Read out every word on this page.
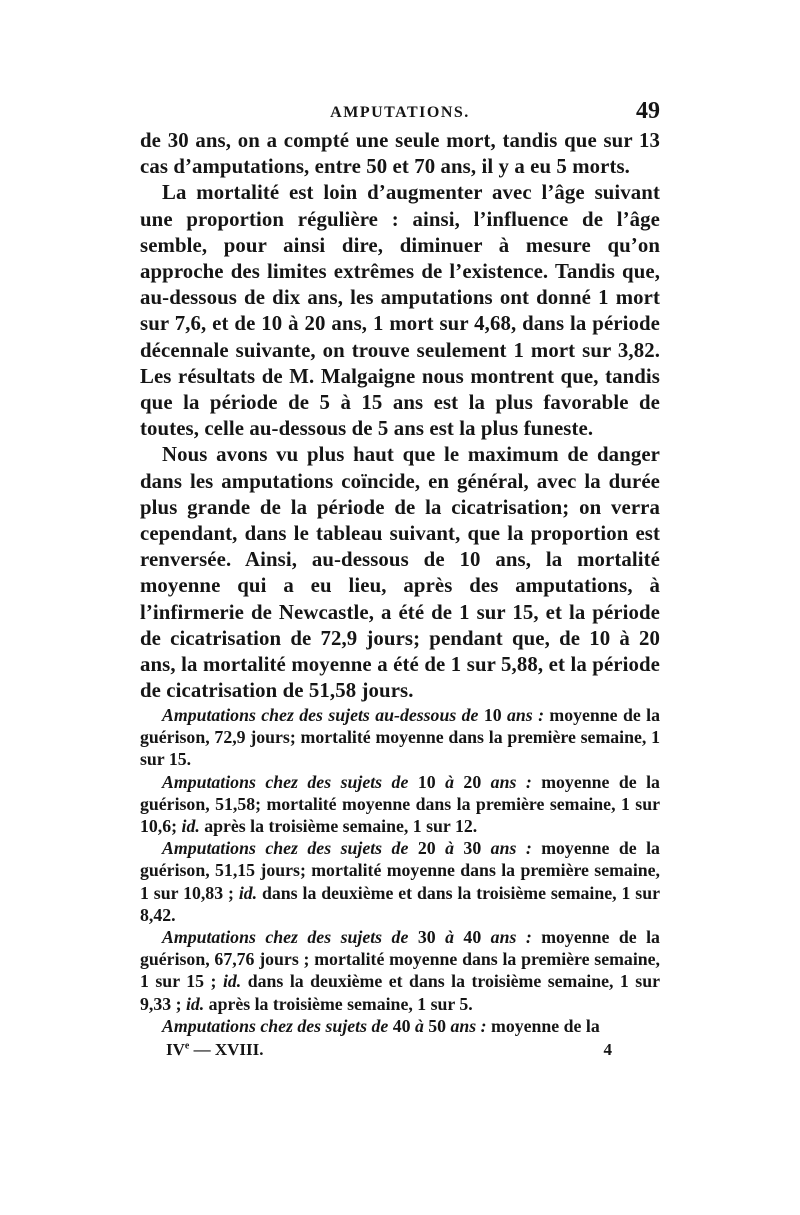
AMPUTATIONS.	49

de 30 ans, on a compté une seule mort, tandis que sur 13 cas d’amputations, entre 50 et 70 ans, il y a eu 5 morts.

La mortalité est loin d’augmenter avec l’âge suivant une proportion régulière : ainsi, l’influence de l’âge semble, pour ainsi dire, diminuer à mesure qu’on approche des limites extrêmes de l’existence. Tandis que, au-dessous de dix ans, les amputations ont donné 1 mort sur 7,6, et de 10 à 20 ans, 1 mort sur 4,68, dans la période décennale suivante, on trouve seulement 1 mort sur 3,82. Les résultats de M. Malgaigne nous montrent que, tandis que la période de 5 à 15 ans est la plus favorable de toutes, celle au-dessous de 5 ans est la plus funeste.

Nous avons vu plus haut que le maximum de danger dans les amputations coïncide, en général, avec la durée plus grande de la période de la cicatrisation; on verra cependant, dans le tableau suivant, que la proportion est renversée. Ainsi, au-dessous de 10 ans, la mortalité moyenne qui a eu lieu, après des amputations, à l’infirmerie de Newcastle, a été de 1 sur 15, et la période de cicatrisation de 72,9 jours; pendant que, de 10 à 20 ans, la mortalité moyenne a été de 1 sur 5,88, et la période de cicatrisation de 51,58 jours.

Amputations chez des sujets au-dessous de 10 ans : moyenne de la guérison, 72,9 jours; mortalité moyenne dans la première semaine, 1 sur 15.

Amputations chez des sujets de 10 à 20 ans : moyenne de la guérison, 51,58; mortalité moyenne dans la première semaine, 1 sur 10,6; id. après la troisième semaine, 1 sur 12.

Amputations chez des sujets de 20 à 30 ans : moyenne de la guérison, 51,15 jours; mortalité moyenne dans la première semaine, 1 sur 10,83 ; id. dans la deuxième et dans la troisième semaine, 1 sur 8,42.

Amputations chez des sujets de 30 à 40 ans : moyenne de la guérison, 67,76 jours ; mortalité moyenne dans la première semaine, 1 sur 15 ; id. dans la deuxième et dans la troisième semaine, 1 sur 9,33 ; id. après la troisième semaine, 1 sur 5.

Amputations chez des sujets de 40 à 50 ans : moyenne de la

IVe — XVIII.	4
